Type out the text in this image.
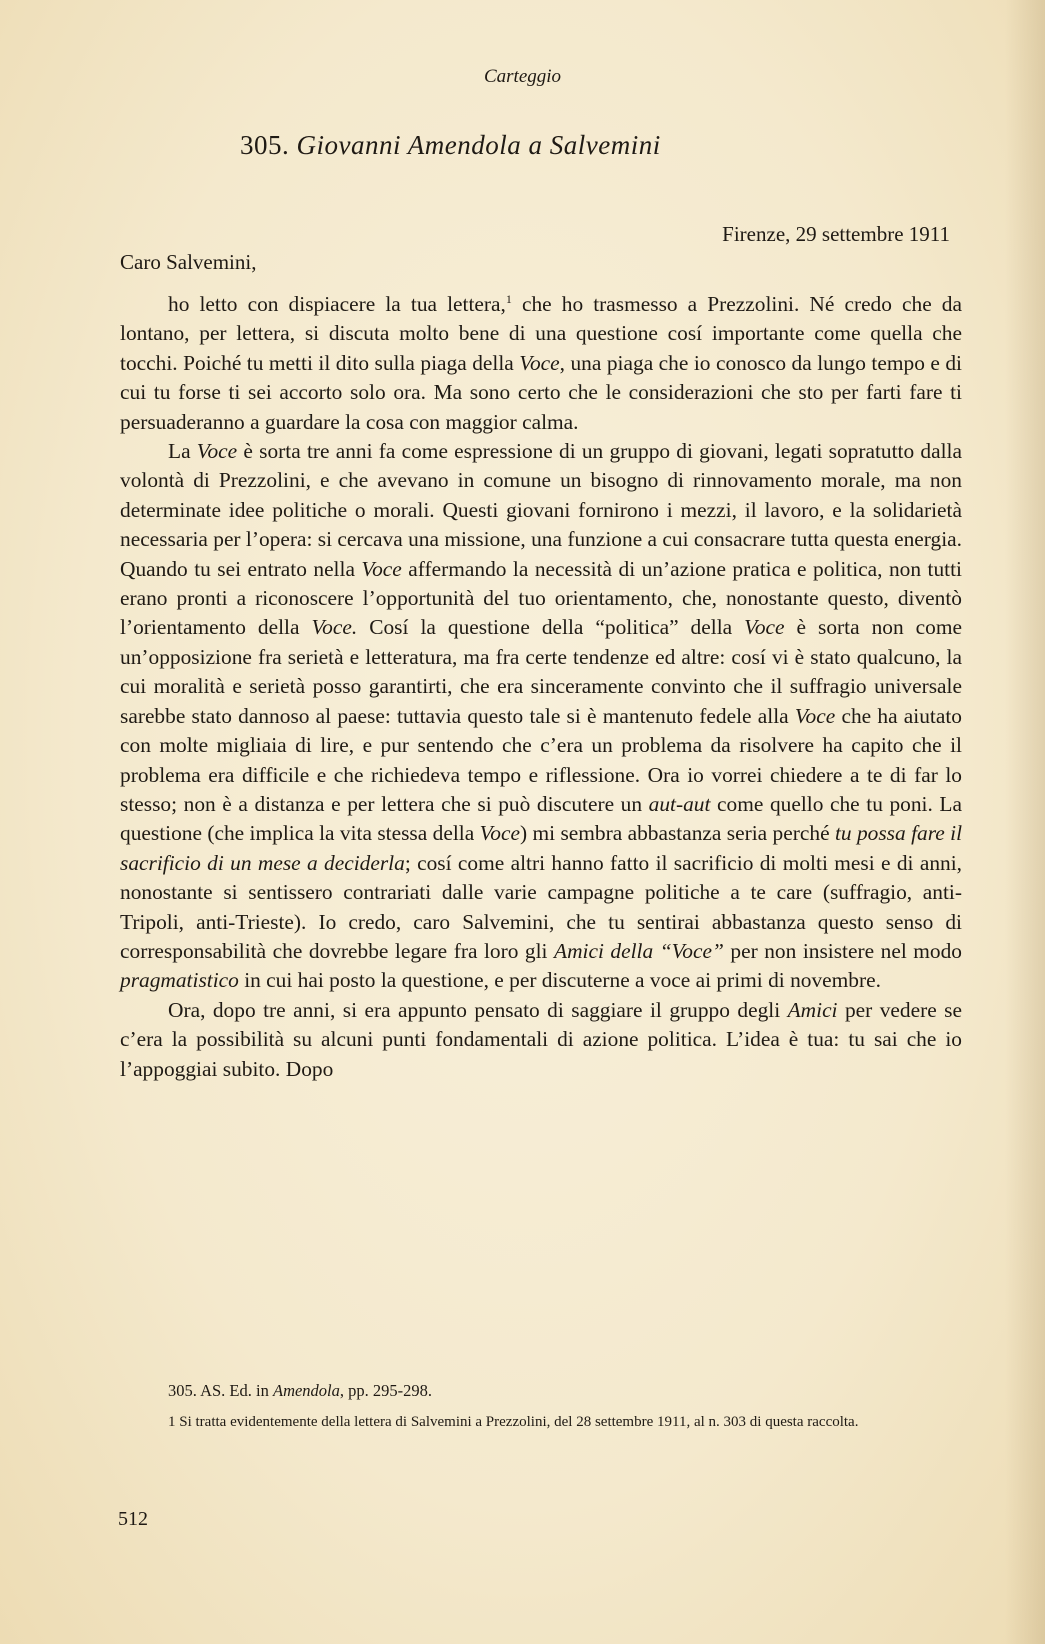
Carteggio
305. Giovanni Amendola a Salvemini
Firenze, 29 settembre 1911
Caro Salvemini,

ho letto con dispiacere la tua lettera,$^1$ che ho trasmesso a Prezzolini. Né credo che da lontano, per lettera, si discuta molto bene di una questione cosí importante come quella che tocchi. Poiché tu metti il dito sulla piaga della Voce, una piaga che io conosco da lungo tempo e di cui tu forse ti sei accorto solo ora. Ma sono certo che le considerazioni che sto per farti fare ti persuaderanno a guardare la cosa con maggior calma.

La Voce è sorta tre anni fa come espressione di un gruppo di giovani, legati sopratutto dalla volontà di Prezzolini, e che avevano in comune un bisogno di rinnovamento morale, ma non determinate idee politiche o morali. Questi giovani fornirono i mezzi, il lavoro, e la solidarietà necessaria per l’opera: si cercava una missione, una funzione a cui consacrare tutta questa energia. Quando tu sei entrato nella Voce affermando la necessità di un’azione pratica e politica, non tutti erano pronti a riconoscere l’opportunità del tuo orientamento, che, nonostante questo, diventò l’orientamento della Voce. Cosí la questione della “politica” della Voce è sorta non come un’opposizione fra serietà e letteratura, ma fra certe tendenze ed altre: cosí vi è stato qualcuno, la cui moralità e serietà posso garantirti, che era sinceramente convinto che il suffragio universale sarebbe stato dannoso al paese: tuttavia questo tale si è mantenuto fedele alla Voce che ha aiutato con molte migliaia di lire, e pur sentendo che c’era un problema da risolvere ha capito che il problema era difficile e che richiedeva tempo e riflessione. Ora io vorrei chiedere a te di far lo stesso; non è a distanza e per lettera che si può discutere un aut-aut come quello che tu poni. La questione (che implica la vita stessa della Voce) mi sembra abbastanza seria perché tu possa fare il sacrificio di un mese a deciderla; cosí come altri hanno fatto il sacrificio di molti mesi e di anni, nonostante si sentissero contrariati dalle varie campagne politiche a te care (suffragio, anti-Tripoli, anti-Trieste). Io credo, caro Salvemini, che tu sentirai abbastanza questo senso di corresponsabilità che dovrebbe legare fra loro gli Amici della “Voce” per non insistere nel modo pragmatistico in cui hai posto la questione, e per discuterne a voce ai primi di novembre.

Ora, dopo tre anni, si era appunto pensato di saggiare il gruppo degli Amici per vedere se c’era la possibilità su alcuni punti fondamentali di azione politica. L’idea è tua: tu sai che io l’appoggiai subito. Dopo

305. AS. Ed. in Amendola, pp. 295-298.
1 Si tratta evidentemente della lettera di Salvemini a Prezzolini, del 28 settembre 1911, al n. 303 di questa raccolta.
512
